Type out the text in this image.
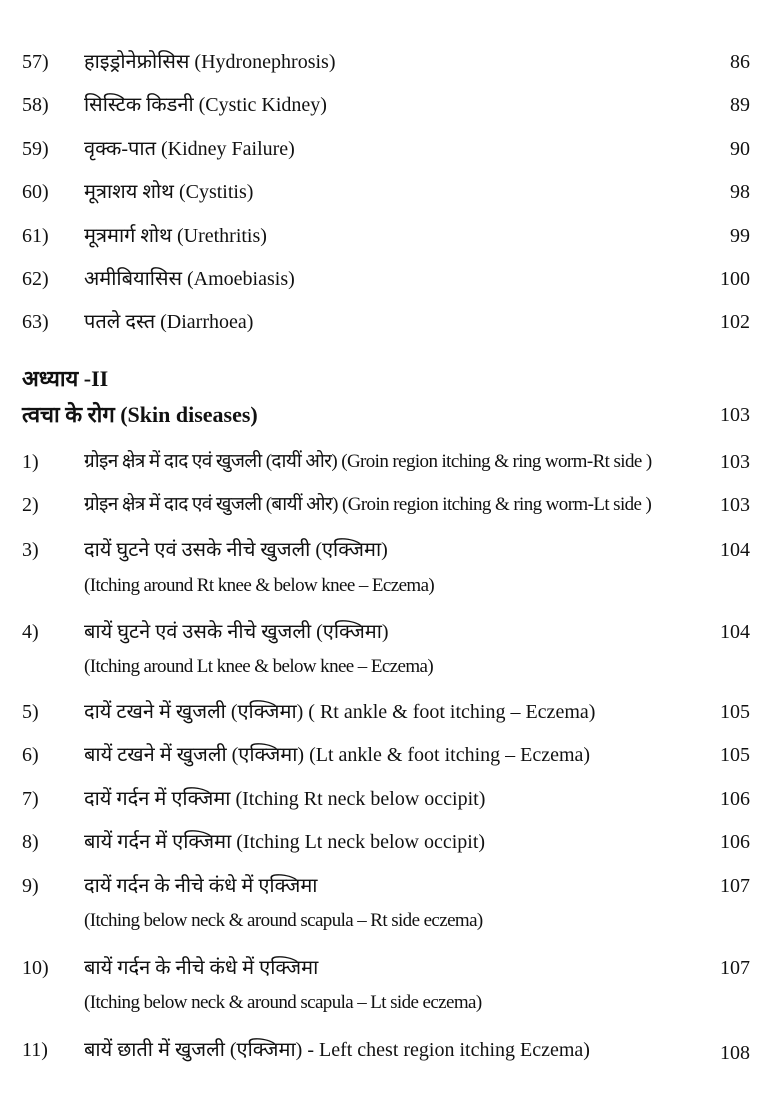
57) हाइड्रोनेफ्रोसिस (Hydronephrosis)	86
58) सिस्टिक किडनी (Cystic Kidney)	89
59) वृक्क-पात (Kidney Failure)	90
60) मूत्राशय शोथ (Cystitis)	98
61) मूत्रमार्ग शोथ (Urethritis)	99
62) अमीबियासिस (Amoebiasis)	100
63) पतले दस्त (Diarrhoea)	102
अध्याय -II
त्वचा के रोग (Skin diseases)	103
1) ग्रोइन क्षेत्र में दाद एवं खुजली (दायीं ओर) (Groin region itching & ring worm-Rt side )	103
2) ग्रोइन क्षेत्र में दाद एवं खुजली (बायीं ओर) (Groin region itching & ring worm-Lt side )	103
3) दायें घुटने एवं उसके नीचे खुजली (एक्जिमा)	104
(Itching around Rt knee & below knee – Eczema)
4) बायें घुटने एवं उसके नीचे खुजली (एक्जिमा)	104
(Itching around Lt knee & below knee – Eczema)
5) दायें टखने में खुजली (एक्जिमा) ( Rt ankle & foot itching – Eczema)	105
6) बायें टखने में खुजली (एक्जिमा) (Lt ankle & foot itching – Eczema)	105
7) दायें गर्दन में एक्जिमा (Itching Rt neck below occipit)	106
8) बायें गर्दन में एक्जिमा (Itching Lt neck below occipit)	106
9) दायें गर्दन के नीचे कंधे में एक्जिमा	107
(Itching below neck & around scapula – Rt side eczema)
10) बायें गर्दन के नीचे कंधे में एक्जिमा	107
(Itching below neck & around scapula – Lt side eczema)
11) बायें छाती में खुजली (एक्जिमा) - Left chest region itching Eczema)	108
